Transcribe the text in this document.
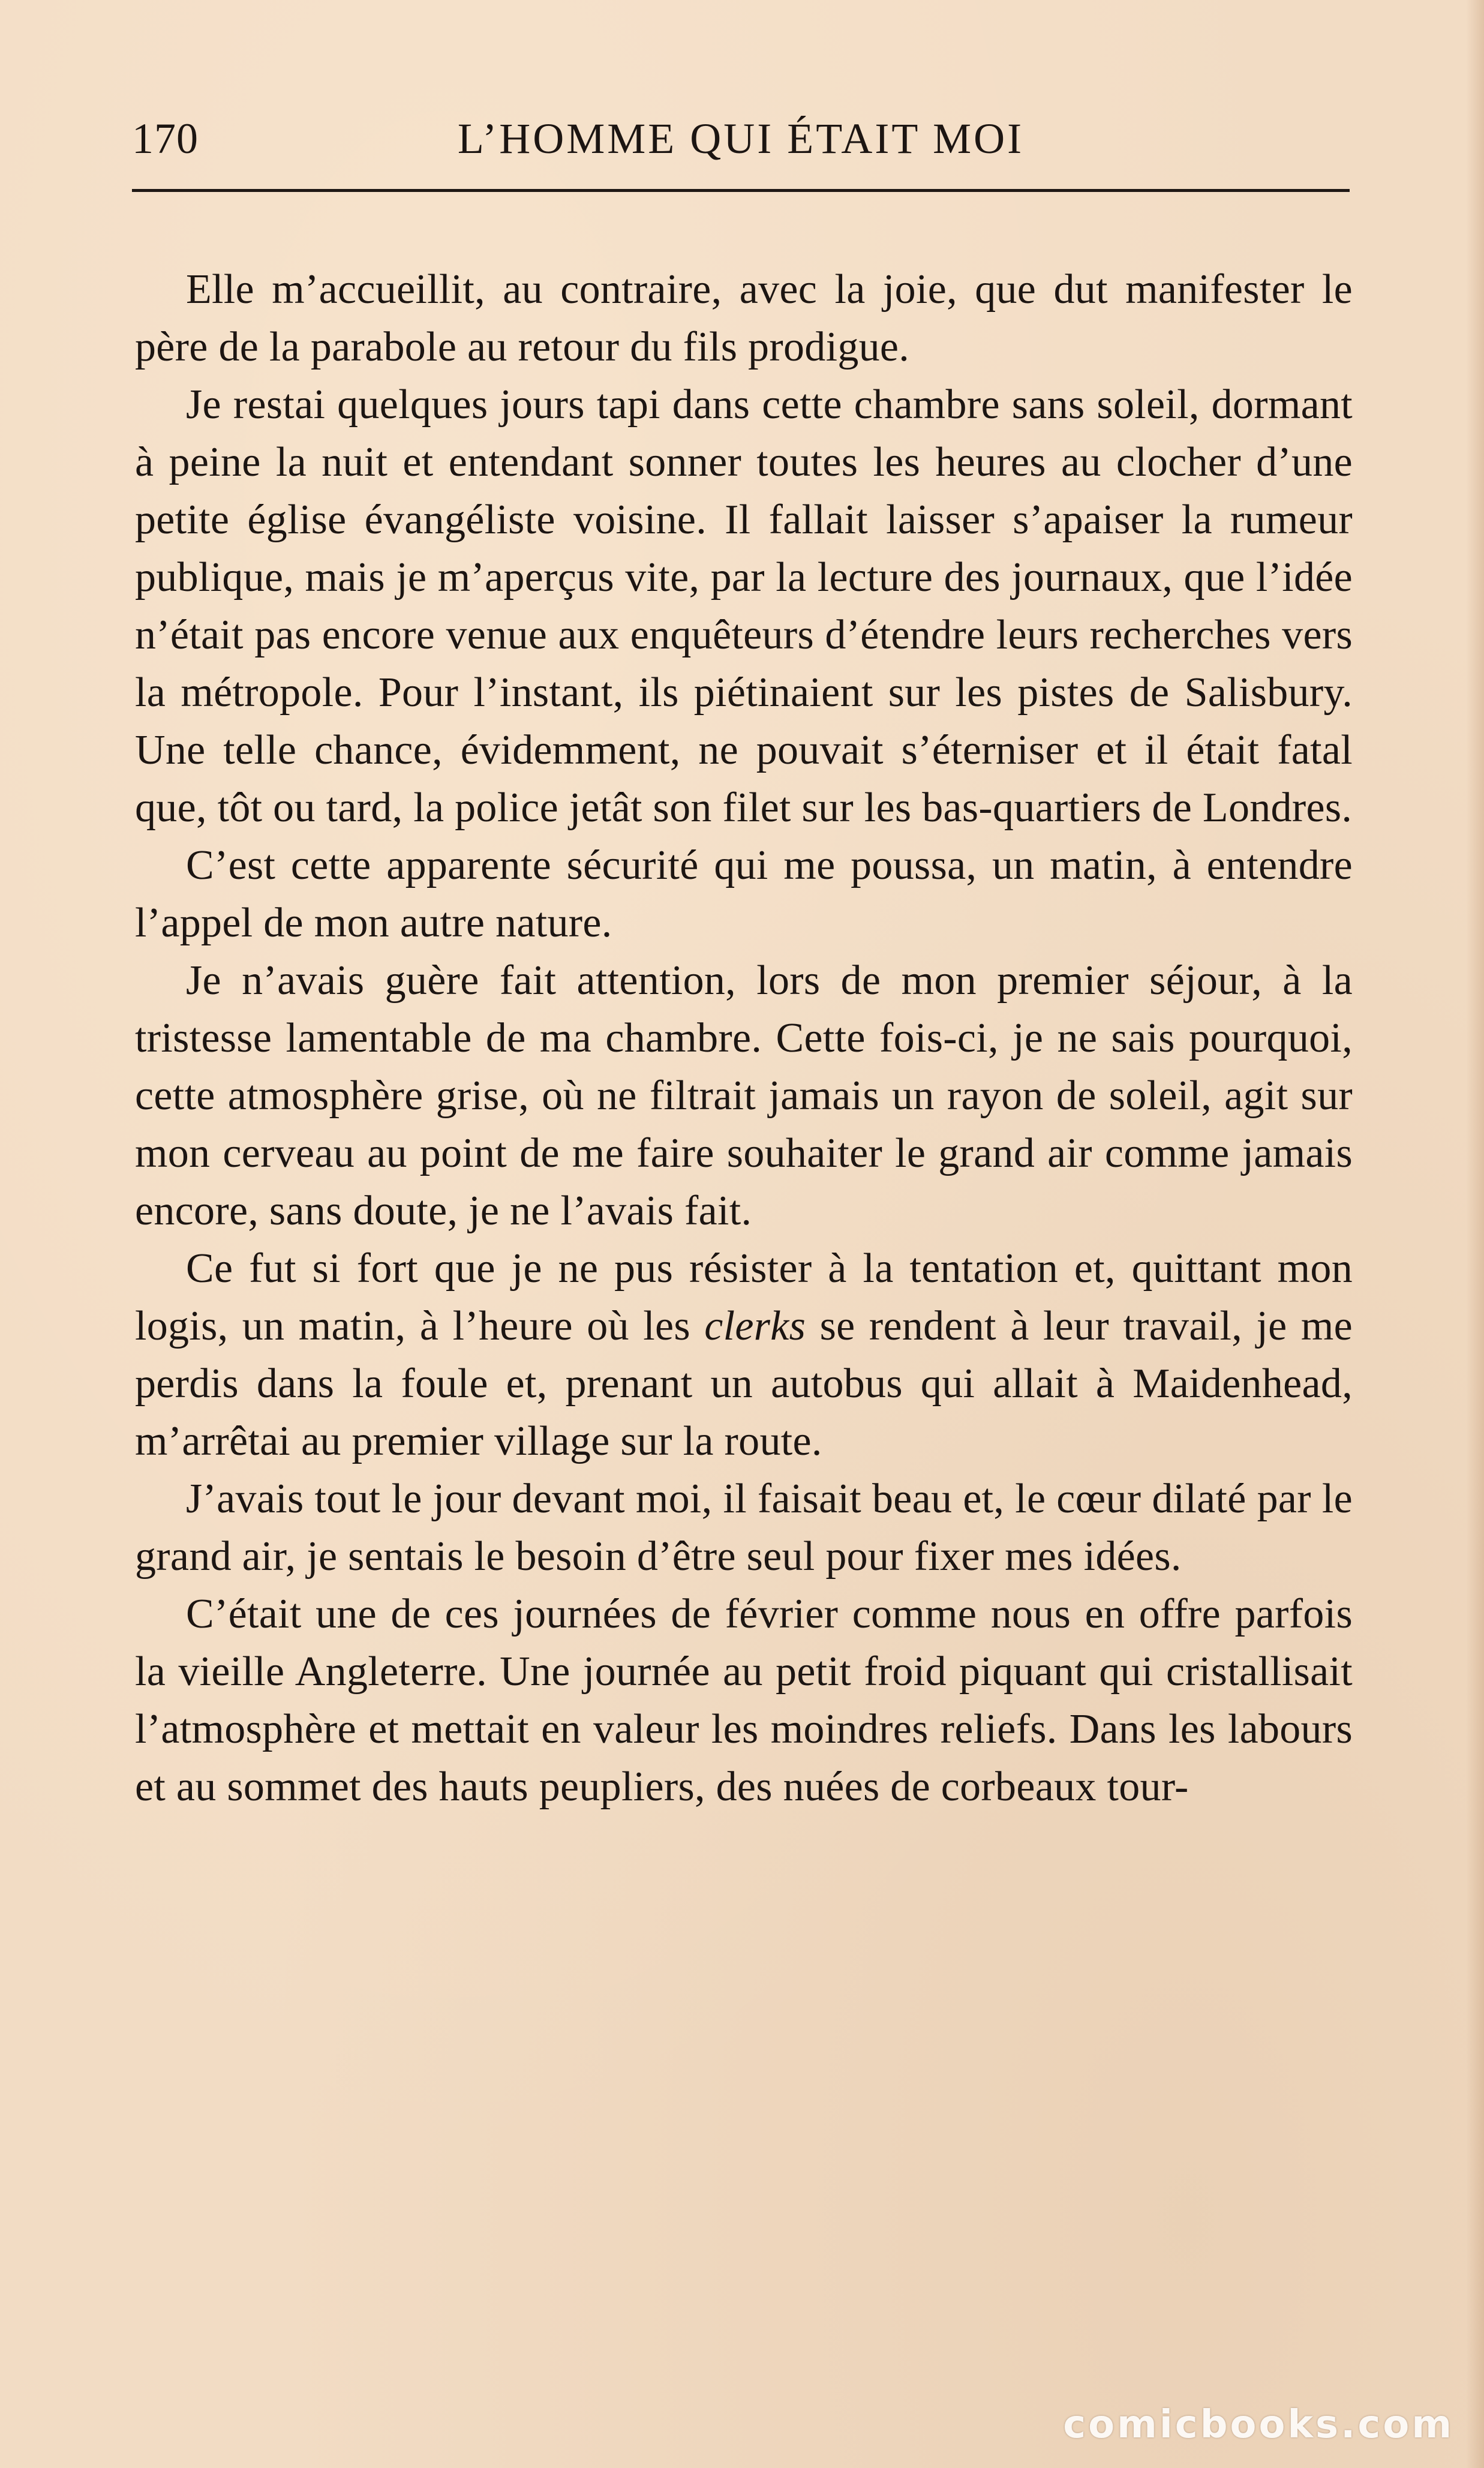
170	L’HOMME QUI ÉTAIT MOI

Elle m’accueillit, au contraire, avec la joie, que dut manifester le père de la parabole au retour du fils prodigue.

Je restai quelques jours tapi dans cette chambre sans soleil, dormant à peine la nuit et entendant sonner toutes les heures au clocher d’une petite église évangéliste voisine. Il fallait laisser s’apaiser la rumeur publique, mais je m’aperçus vite, par la lecture des journaux, que l’idée n’était pas encore venue aux enquêteurs d’étendre leurs recherches vers la métropole. Pour l’instant, ils piétinaient sur les pistes de Salisbury. Une telle chance, évidemment, ne pouvait s’éterniser et il était fatal que, tôt ou tard, la police jetât son filet sur les bas-quartiers de Londres.

C’est cette apparente sécurité qui me poussa, un matin, à entendre l’appel de mon autre nature.

Je n’avais guère fait attention, lors de mon premier séjour, à la tristesse lamentable de ma chambre. Cette fois-ci, je ne sais pourquoi, cette atmosphère grise, où ne filtrait jamais un rayon de soleil, agit sur mon cerveau au point de me faire souhaiter le grand air comme jamais encore, sans doute, je ne l’avais fait.

Ce fut si fort que je ne pus résister à la tentation et, quittant mon logis, un matin, à l’heure où les clerks se rendent à leur travail, je me perdis dans la foule et, prenant un autobus qui allait à Maidenhead, m’arrêtai au premier village sur la route.

J’avais tout le jour devant moi, il faisait beau et, le cœur dilaté par le grand air, je sentais le besoin d’être seul pour fixer mes idées.

C’était une de ces journées de février comme nous en offre parfois la vieille Angleterre. Une journée au petit froid piquant qui cristallisait l’atmosphère et mettait en valeur les moindres reliefs. Dans les labours et au sommet des hauts peupliers, des nuées de corbeaux tour-

comicbooks.com
